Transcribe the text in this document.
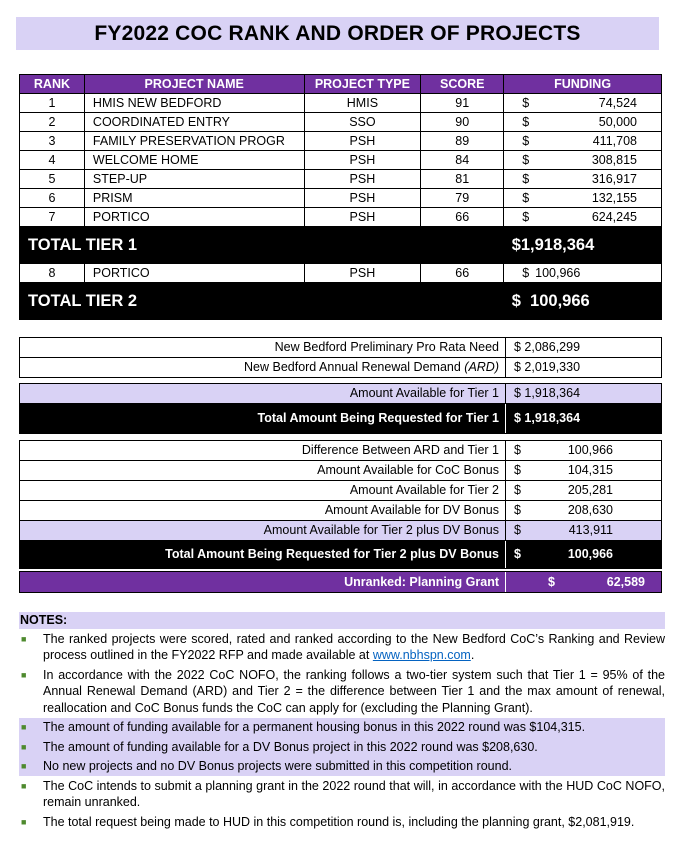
FY2022 COC RANK AND ORDER OF PROJECTS
RANK	PROJECT NAME	PROJECT TYPE	SCORE	FUNDING
1	HMIS NEW BEDFORD	HMIS	91	$ 74,524

2	COORDINATED ENTRY	SSO	90	$ 50,000

3	FAMILY PRESERVATION PROGR	PSH	89	$ 411,708

4	WELCOME HOME	PSH	84	$ 308,815

5	STEP-UP	PSH	81	$ 316,917

6	PRISM	PSH	79	$ 132,155

7	PORTICO	PSH	66	$ 624,245

TOTAL TIER 1				$1,918,364
8	PORTICO	PSH	66	$ 100,966

TOTAL TIER 2				$ 100,966
New Bedford Preliminary Pro Rata Need	$ 2,086,299
New Bedford Annual Renewal Demand (ARD)	$ 2,019,330
Amount Available for Tier 1	$ 1,918,364
Total Amount Being Requested for Tier 1	$ 1,918,364
Difference Between ARD and Tier 1	$	100,966
Amount Available for CoC Bonus	$	104,315
Amount Available for Tier 2	$	205,281
Amount Available for DV Bonus	$	208,630
Amount Available for Tier 2 plus DV Bonus	$	413,911
Total Amount Being Requested for Tier 2 plus DV Bonus	$	100,966
Unranked: Planning Grant	$	62,589
NOTES:
■	The ranked projects were scored, rated and ranked according to the New Bedford CoC’s Ranking and Review process outlined in the FY2022 RFP and made available at www.nbhspn.com.
■	In accordance with the 2022 CoC NOFO, the ranking follows a two-tier system such that Tier 1 = 95% of the Annual Renewal Demand (ARD) and Tier 2 = the difference between Tier 1 and the max amount of renewal, reallocation and CoC Bonus funds the CoC can apply for (excluding the Planning Grant).
■	The amount of funding available for a permanent housing bonus in this 2022 round was $104,315.
■	The amount of funding available for a DV Bonus project in this 2022 round was $208,630.
■	No new projects and no DV Bonus projects were submitted in this competition round.
■	The CoC intends to submit a planning grant in the 2022 round that will, in accordance with the HUD CoC NOFO, remain unranked.
■	The total request being made to HUD in this competition round is, including the planning grant, $2,081,919.
